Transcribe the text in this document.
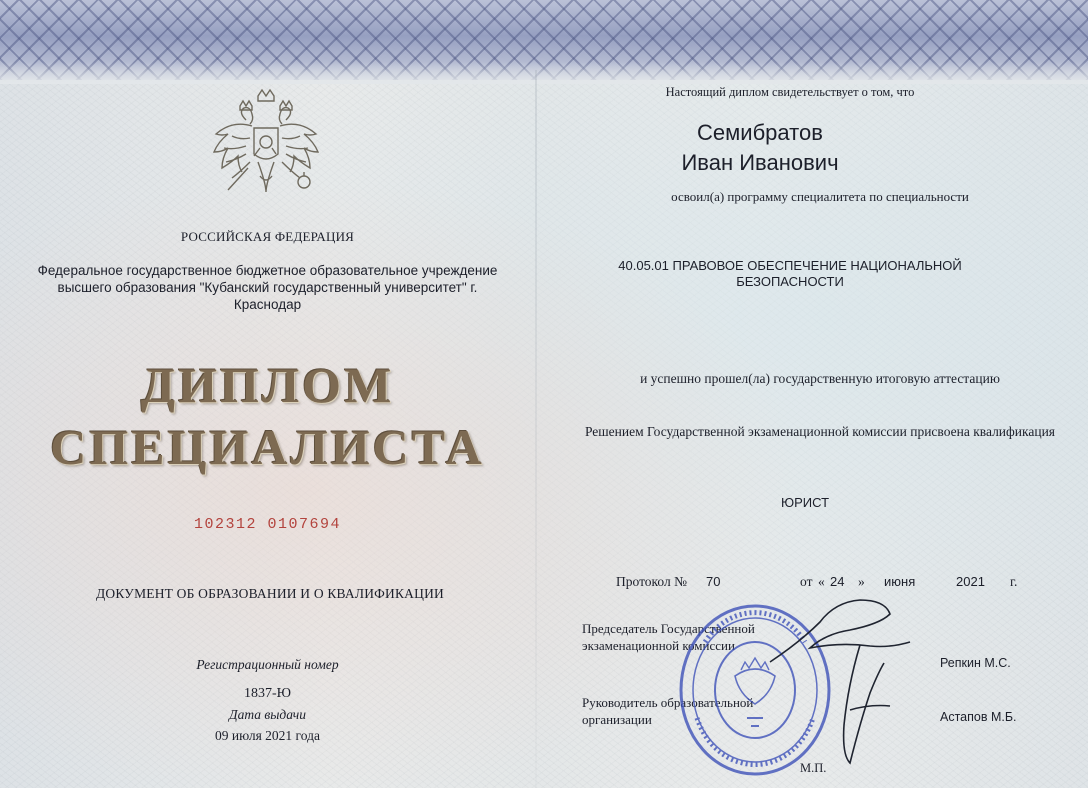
РОССИЙСКАЯ ФЕДЕРАЦИЯ
Федеральное государственное бюджетное образовательное учреждение высшего образования "Кубанский государственный университет" г. Краснодар
ДИПЛОМ
СПЕЦИАЛИСТА
102312 0107694
ДОКУМЕНТ ОБ ОБРАЗОВАНИИ И О КВАЛИФИКАЦИИ
Регистрационный номер
1837-Ю
Дата выдачи
09 июля 2021 года
Настоящий диплом свидетельствует о том, что
Семибратов
Иван Иванович
освоил(а) программу специалитета по специальности
40.05.01 ПРАВОВОЕ ОБЕСПЕЧЕНИЕ НАЦИОНАЛЬНОЙ БЕЗОПАСНОСТИ
и успешно прошел(ла) государственную итоговую аттестацию
Решением Государственной экзаменационной комиссии присвоена квалификация
ЮРИСТ
Протокол № 70	от « 24 » июня	2021 г.
Председатель Государственной экзаменационной комиссии
Репкин М.С.
Руководитель образовательной организации	Астапов М.Б.
М.П.
